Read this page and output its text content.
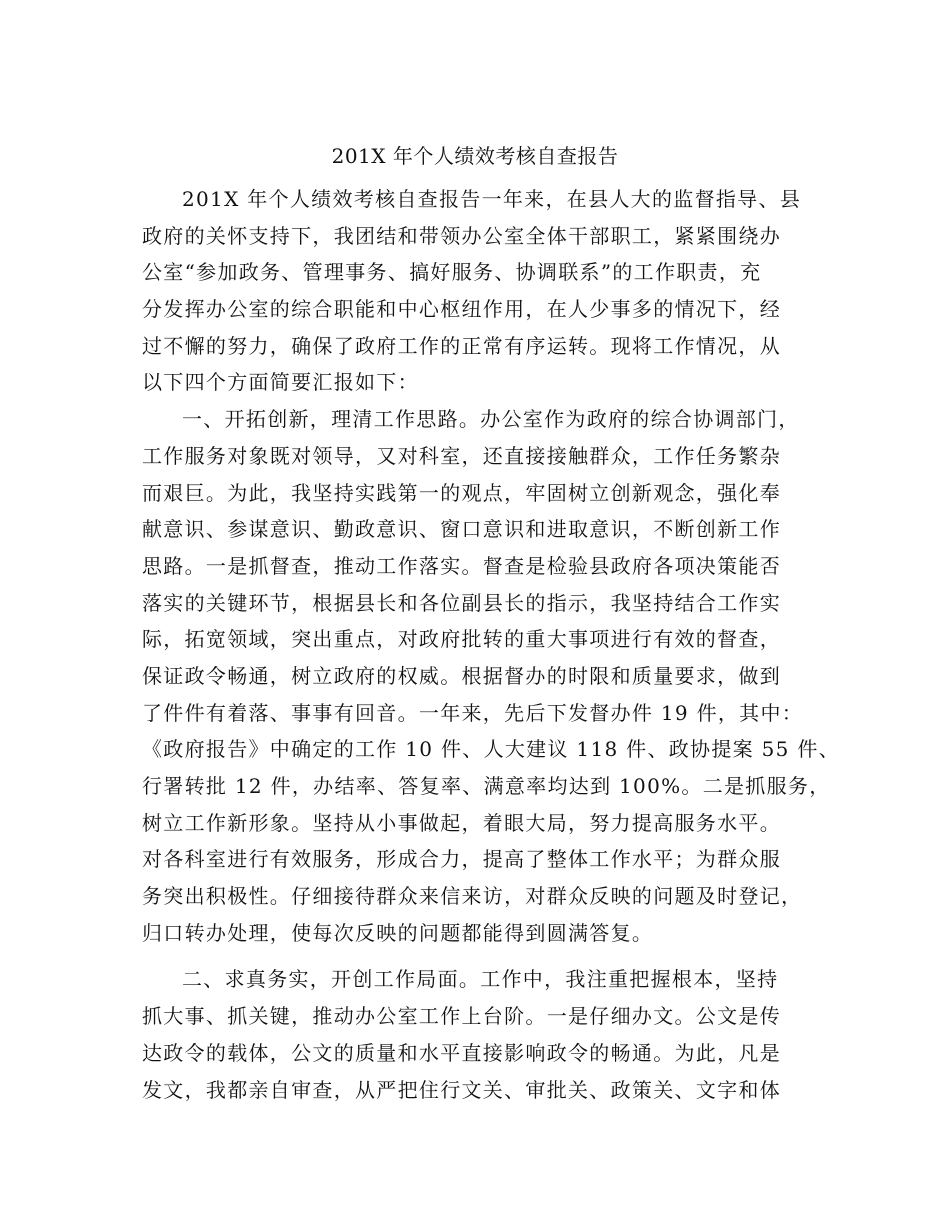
201X 年个人绩效考核自查报告
201X 年个人绩效考核自查报告一年来，在县人大的监督指导、县
政府的关怀支持下，我团结和带领办公室全体干部职工，紧紧围绕办
公室“参加政务、管理事务、搞好服务、协调联系”的工作职责，充
分发挥办公室的综合职能和中心枢纽作用，在人少事多的情况下，经
过不懈的努力，确保了政府工作的正常有序运转。现将工作情况，从
以下四个方面简要汇报如下：
一、开拓创新，理清工作思路。办公室作为政府的综合协调部门，
工作服务对象既对领导，又对科室，还直接接触群众，工作任务繁杂
而艰巨。为此，我坚持实践第一的观点，牢固树立创新观念，强化奉
献意识、参谋意识、勤政意识、窗口意识和进取意识，不断创新工作
思路。一是抓督查，推动工作落实。督查是检验县政府各项决策能否
落实的关键环节，根据县长和各位副县长的指示，我坚持结合工作实
际，拓宽领域，突出重点，对政府批转的重大事项进行有效的督查，
保证政令畅通，树立政府的权威。根据督办的时限和质量要求，做到
了件件有着落、事事有回音。一年来，先后下发督办件 19 件，其中：
《政府报告》中确定的工作 10 件、人大建议 118 件、政协提案 55 件、
行署转批 12 件，办结率、答复率、满意率均达到 100%。二是抓服务，
树立工作新形象。坚持从小事做起，着眼大局，努力提高服务水平。
对各科室进行有效服务，形成合力，提高了整体工作水平；为群众服
务突出积极性。仔细接待群众来信来访，对群众反映的问题及时登记，
归口转办处理，使每次反映的问题都能得到圆满答复。
二、求真务实，开创工作局面。工作中，我注重把握根本，坚持
抓大事、抓关键，推动办公室工作上台阶。一是仔细办文。公文是传
达政令的载体，公文的质量和水平直接影响政令的畅通。为此，凡是
发文，我都亲自审查，从严把住行文关、审批关、政策关、文字和体
